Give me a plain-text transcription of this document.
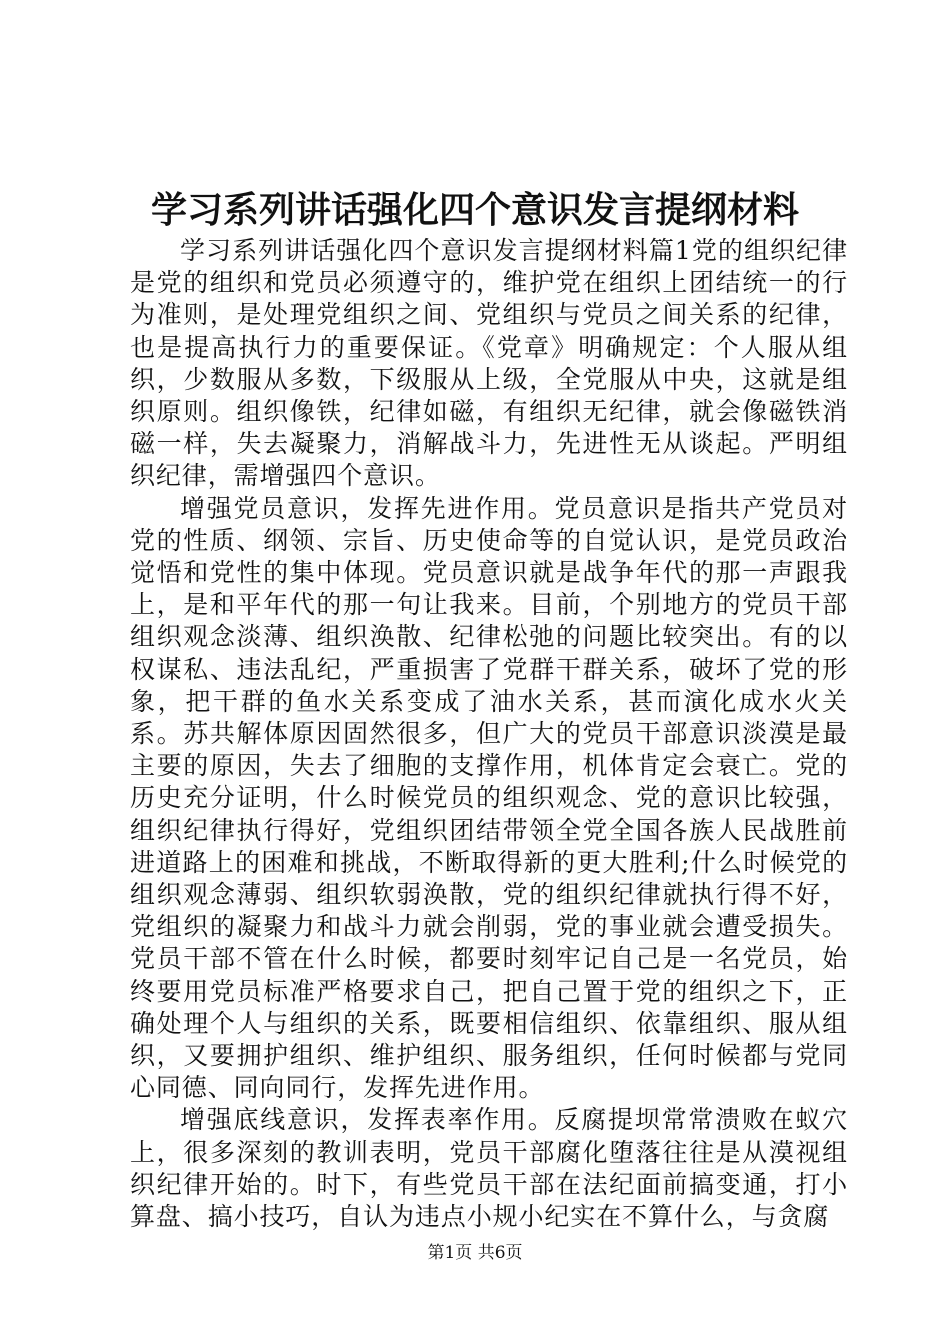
学习系列讲话强化四个意识发言提纲材料

学习系列讲话强化四个意识发言提纲材料篇1党的组织纪律是党的组织和党员必须遵守的，维护党在组织上团结统一的行为准则，是处理党组织之间、党组织与党员之间关系的纪律，也是提高执行力的重要保证。《党章》明确规定：个人服从组织，少数服从多数，下级服从上级，全党服从中央，这就是组织原则。组织像铁，纪律如磁，有组织无纪律，就会像磁铁消磁一样，失去凝聚力，消解战斗力，先进性无从谈起。严明组织纪律，需增强四个意识。

增强党员意识，发挥先进作用。党员意识是指共产党员对党的性质、纲领、宗旨、历史使命等的自觉认识，是党员政治觉悟和党性的集中体现。党员意识就是战争年代的那一声跟我上，是和平年代的那一句让我来。目前，个别地方的党员干部组织观念淡薄、组织涣散、纪律松弛的问题比较突出。有的以权谋私、违法乱纪，严重损害了党群干群关系，破坏了党的形象，把干群的鱼水关系变成了油水关系，甚而演化成水火关系。苏共解体原因固然很多，但广大的党员干部意识淡漠是最主要的原因，失去了细胞的支撑作用，机体肯定会衰亡。党的历史充分证明，什么时候党员的组织观念、党的意识比较强，组织纪律执行得好，党组织团结带领全党全国各族人民战胜前进道路上的困难和挑战，不断取得新的更大胜利;什么时候党的组织观念薄弱、组织软弱涣散，党的组织纪律就执行得不好，党组织的凝聚力和战斗力就会削弱，党的事业就会遭受损失。党员干部不管在什么时候，都要时刻牢记自己是一名党员，始终要用党员标准严格要求自己，把自己置于党的组织之下，正确处理个人与组织的关系，既要相信组织、依靠组织、服从组织，又要拥护组织、维护组织、服务组织，任何时候都与党同心同德、同向同行，发挥先进作用。

增强底线意识，发挥表率作用。反腐提坝常常溃败在蚁穴上，很多深刻的教训表明，党员干部腐化堕落往往是从漠视组织纪律开始的。时下，有些党员干部在法纪面前搞变通，打小算盘、搞小技巧，自认为违点小规小纪实在不算什么，与贪腐

第1页 共6页
